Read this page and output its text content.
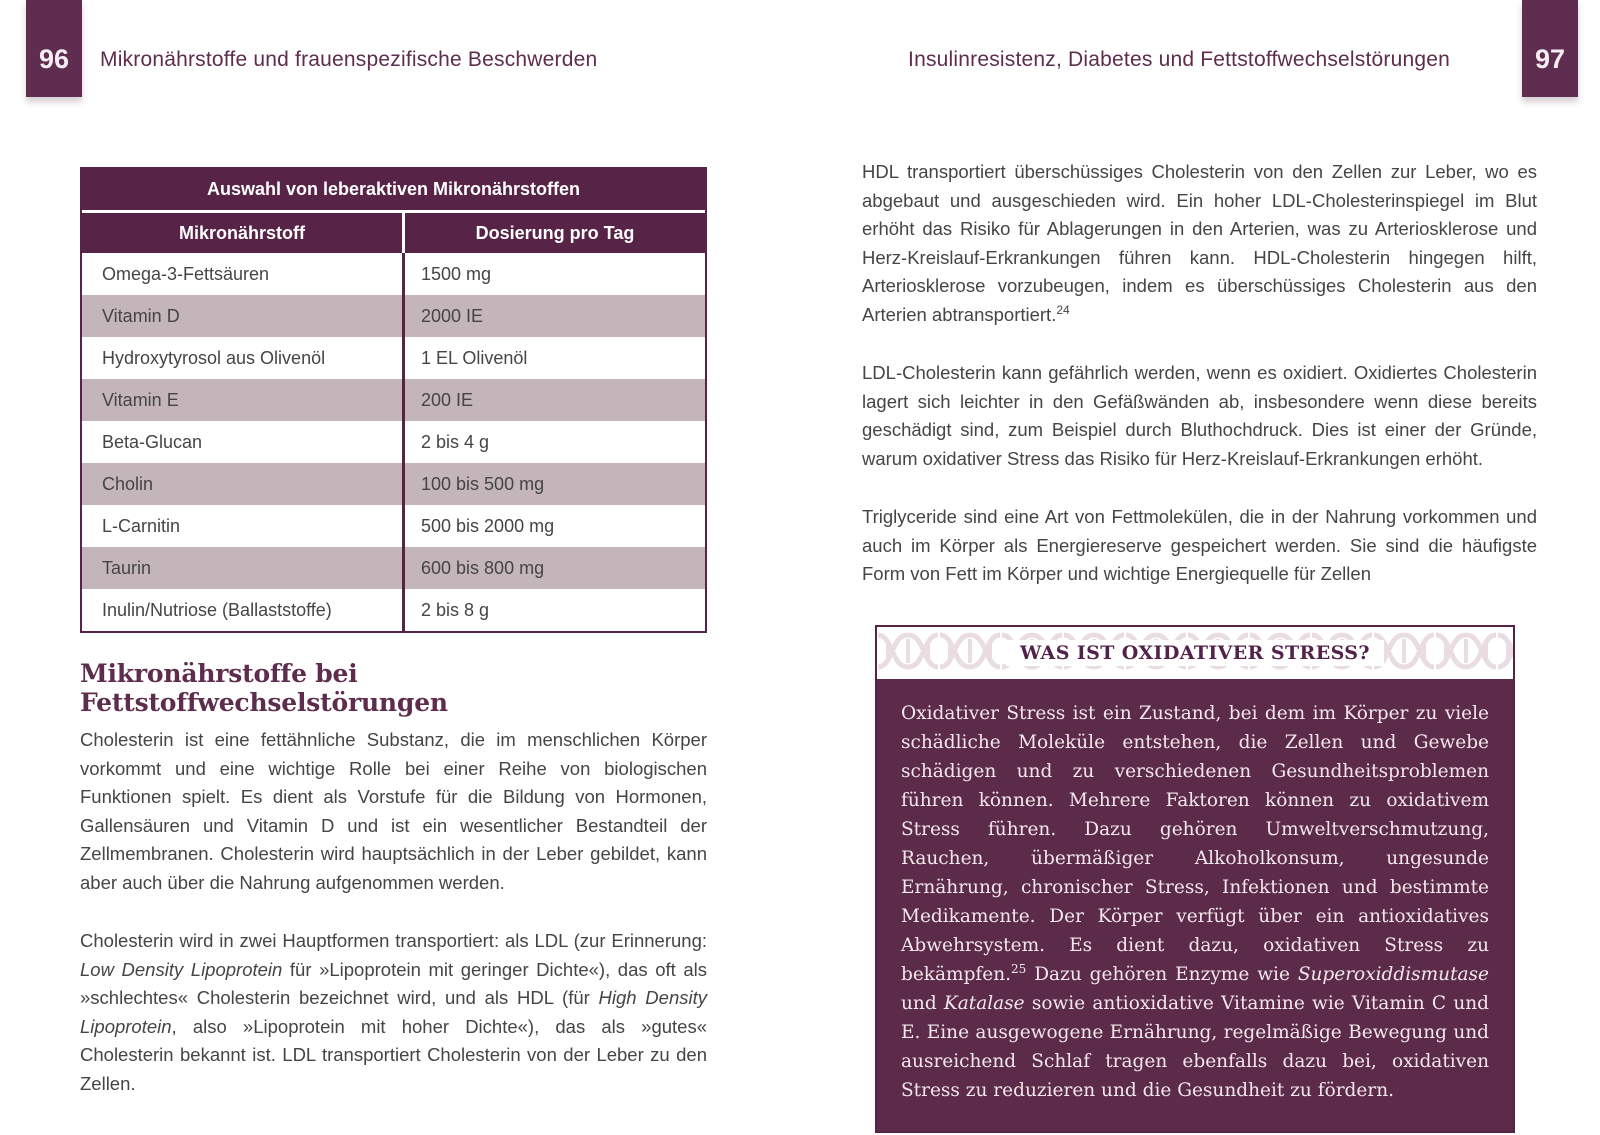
96	Mikronährstoffe und frauenspezifische Beschwerden	Insulinresistenz, Diabetes und Fettstoffwechselstörungen	97
Auswahl von leberaktiven Mikronährstoffen
Mikronährstoff	Dosierung pro Tag
Omega-3-Fettsäuren	1500 mg
Vitamin D	2000 IE
Hydroxytyrosol aus Olivenöl	1 EL Olivenöl
Vitamin E	200 IE
Beta-Glucan	2 bis 4 g
Cholin	100 bis 500 mg
L-Carnitin	500 bis 2000 mg
Taurin	600 bis 800 mg
Inulin/Nutriose (Ballaststoffe)	2 bis 8 g
Mikronährstoffe bei Fettstoffwechselstörungen

Cholesterin ist eine fettähnliche Substanz, die im menschlichen Körper vorkommt und eine wichtige Rolle bei einer Reihe von biologischen Funktionen spielt. Es dient als Vorstufe für die Bildung von Hormonen, Gallensäuren und Vitamin D und ist ein wesentlicher Bestandteil der Zellmembranen. Cholesterin wird hauptsächlich in der Leber gebildet, kann aber auch über die Nahrung aufgenommen werden.

Cholesterin wird in zwei Hauptformen transportiert: als LDL (zur Erinnerung: Low Density Lipoprotein für »Lipoprotein mit geringer Dichte«), das oft als »schlechtes« Cholesterin bezeichnet wird, und als HDL (für High Density Lipoprotein, also »Lipoprotein mit hoher Dichte«), das als »gutes« Cholesterin bekannt ist. LDL transportiert Cholesterin von der Leber zu den Zellen.

HDL transportiert überschüssiges Cholesterin von den Zellen zur Leber, wo es abgebaut und ausgeschieden wird. Ein hoher LDL-Cholesterinspiegel im Blut erhöht das Risiko für Ablagerungen in den Arterien, was zu Arteriosklerose und Herz-Kreislauf-Erkrankungen führen kann. HDL-Cholesterin hingegen hilft, Arteriosklerose vorzubeugen, indem es überschüssiges Cholesterin aus den Arterien abtransportiert.$^{24}$

LDL-Cholesterin kann gefährlich werden, wenn es oxidiert. Oxidiertes Cholesterin lagert sich leichter in den Gefäßwänden ab, insbesondere wenn diese bereits geschädigt sind, zum Beispiel durch Bluthochdruck. Dies ist einer der Gründe, warum oxidativer Stress das Risiko für Herz-Kreislauf-Erkrankungen erhöht.

Triglyceride sind eine Art von Fettmolekülen, die in der Nahrung vorkommen und auch im Körper als Energiereserve gespeichert werden. Sie sind die häufigste Form von Fett im Körper und wichtige Energiequelle für Zellen

WAS IST OXIDATIVER STRESS?
Oxidativer Stress ist ein Zustand, bei dem im Körper zu viele schädliche Moleküle entstehen, die Zellen und Gewebe schädigen und zu verschiedenen Gesundheitsproblemen führen können. Mehrere Faktoren können zu oxidativem Stress führen. Dazu gehören Umweltverschmutzung, Rauchen, übermäßiger Alkoholkonsum, ungesunde Ernährung, chronischer Stress, Infektionen und bestimmte Medikamente. Der Körper verfügt über ein antioxidatives Abwehrsystem. Es dient dazu, oxidativen Stress zu bekämpfen.$^{25}$ Dazu gehören Enzyme wie Superoxiddismutase und Katalase sowie antioxidative Vitamine wie Vitamin C und E. Eine ausgewogene Ernährung, regelmäßige Bewegung und ausreichend Schlaf tragen ebenfalls dazu bei, oxidativen Stress zu reduzieren und die Gesundheit zu fördern.
